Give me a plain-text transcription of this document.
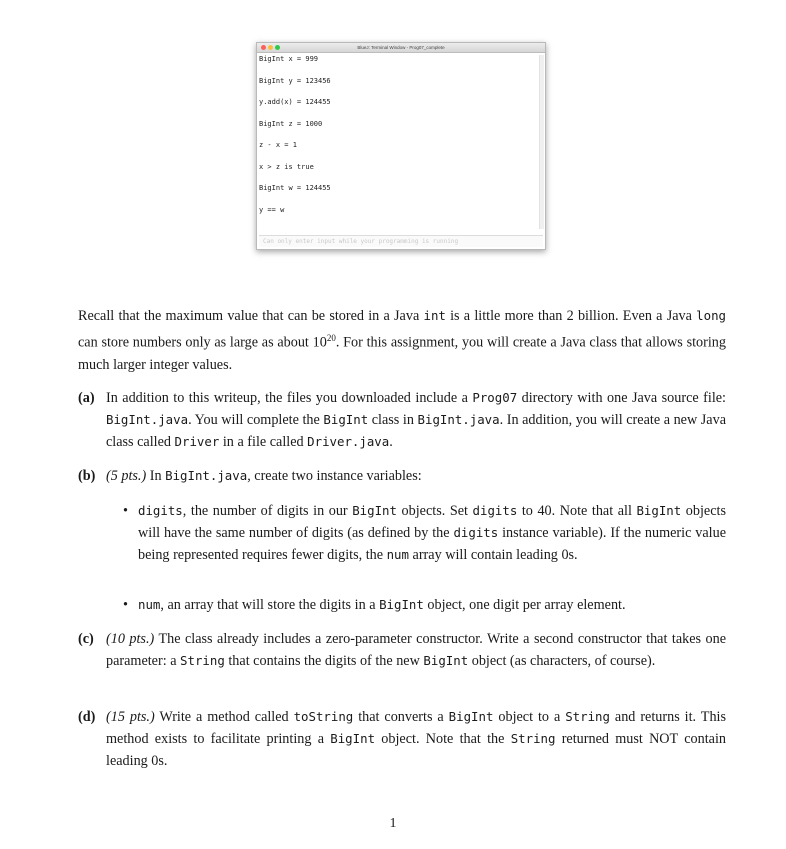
BlueJ: Terminal Window - Prog07_complete
BigInt x = 999
BigInt y = 123456
y.add(x) = 124455
BigInt z = 1000
z - x = 1
x > z is true
BigInt w = 124455
y == w
Can only enter input while your programming is running
Recall that the maximum value that can be stored in a Java int is a little more than 2 billion. Even a Java long can store numbers only as large as about $10^{20}$. For this assignment, you will create a Java class that allows storing much larger integer values.
(a) In addition to this writeup, the files you downloaded include a Prog07 directory with one Java source file: BigInt.java. You will complete the BigInt class in BigInt.java. In addition, you will create a new Java class called Driver in a file called Driver.java.
(b) (5 pts.) In BigInt.java, create two instance variables:
• digits, the number of digits in our BigInt objects. Set digits to 40. Note that all BigInt objects will have the same number of digits (as defined by the digits instance variable). If the numeric value being represented requires fewer digits, the num array will contain leading 0s.
• num, an array that will store the digits in a BigInt object, one digit per array element.
(c) (10 pts.) The class already includes a zero-parameter constructor. Write a second constructor that takes one parameter: a String that contains the digits of the new BigInt object (as characters, of course).
(d) (15 pts.) Write a method called toString that converts a BigInt object to a String and returns it. This method exists to facilitate printing a BigInt object. Note that the String returned must NOT contain leading 0s.
1
